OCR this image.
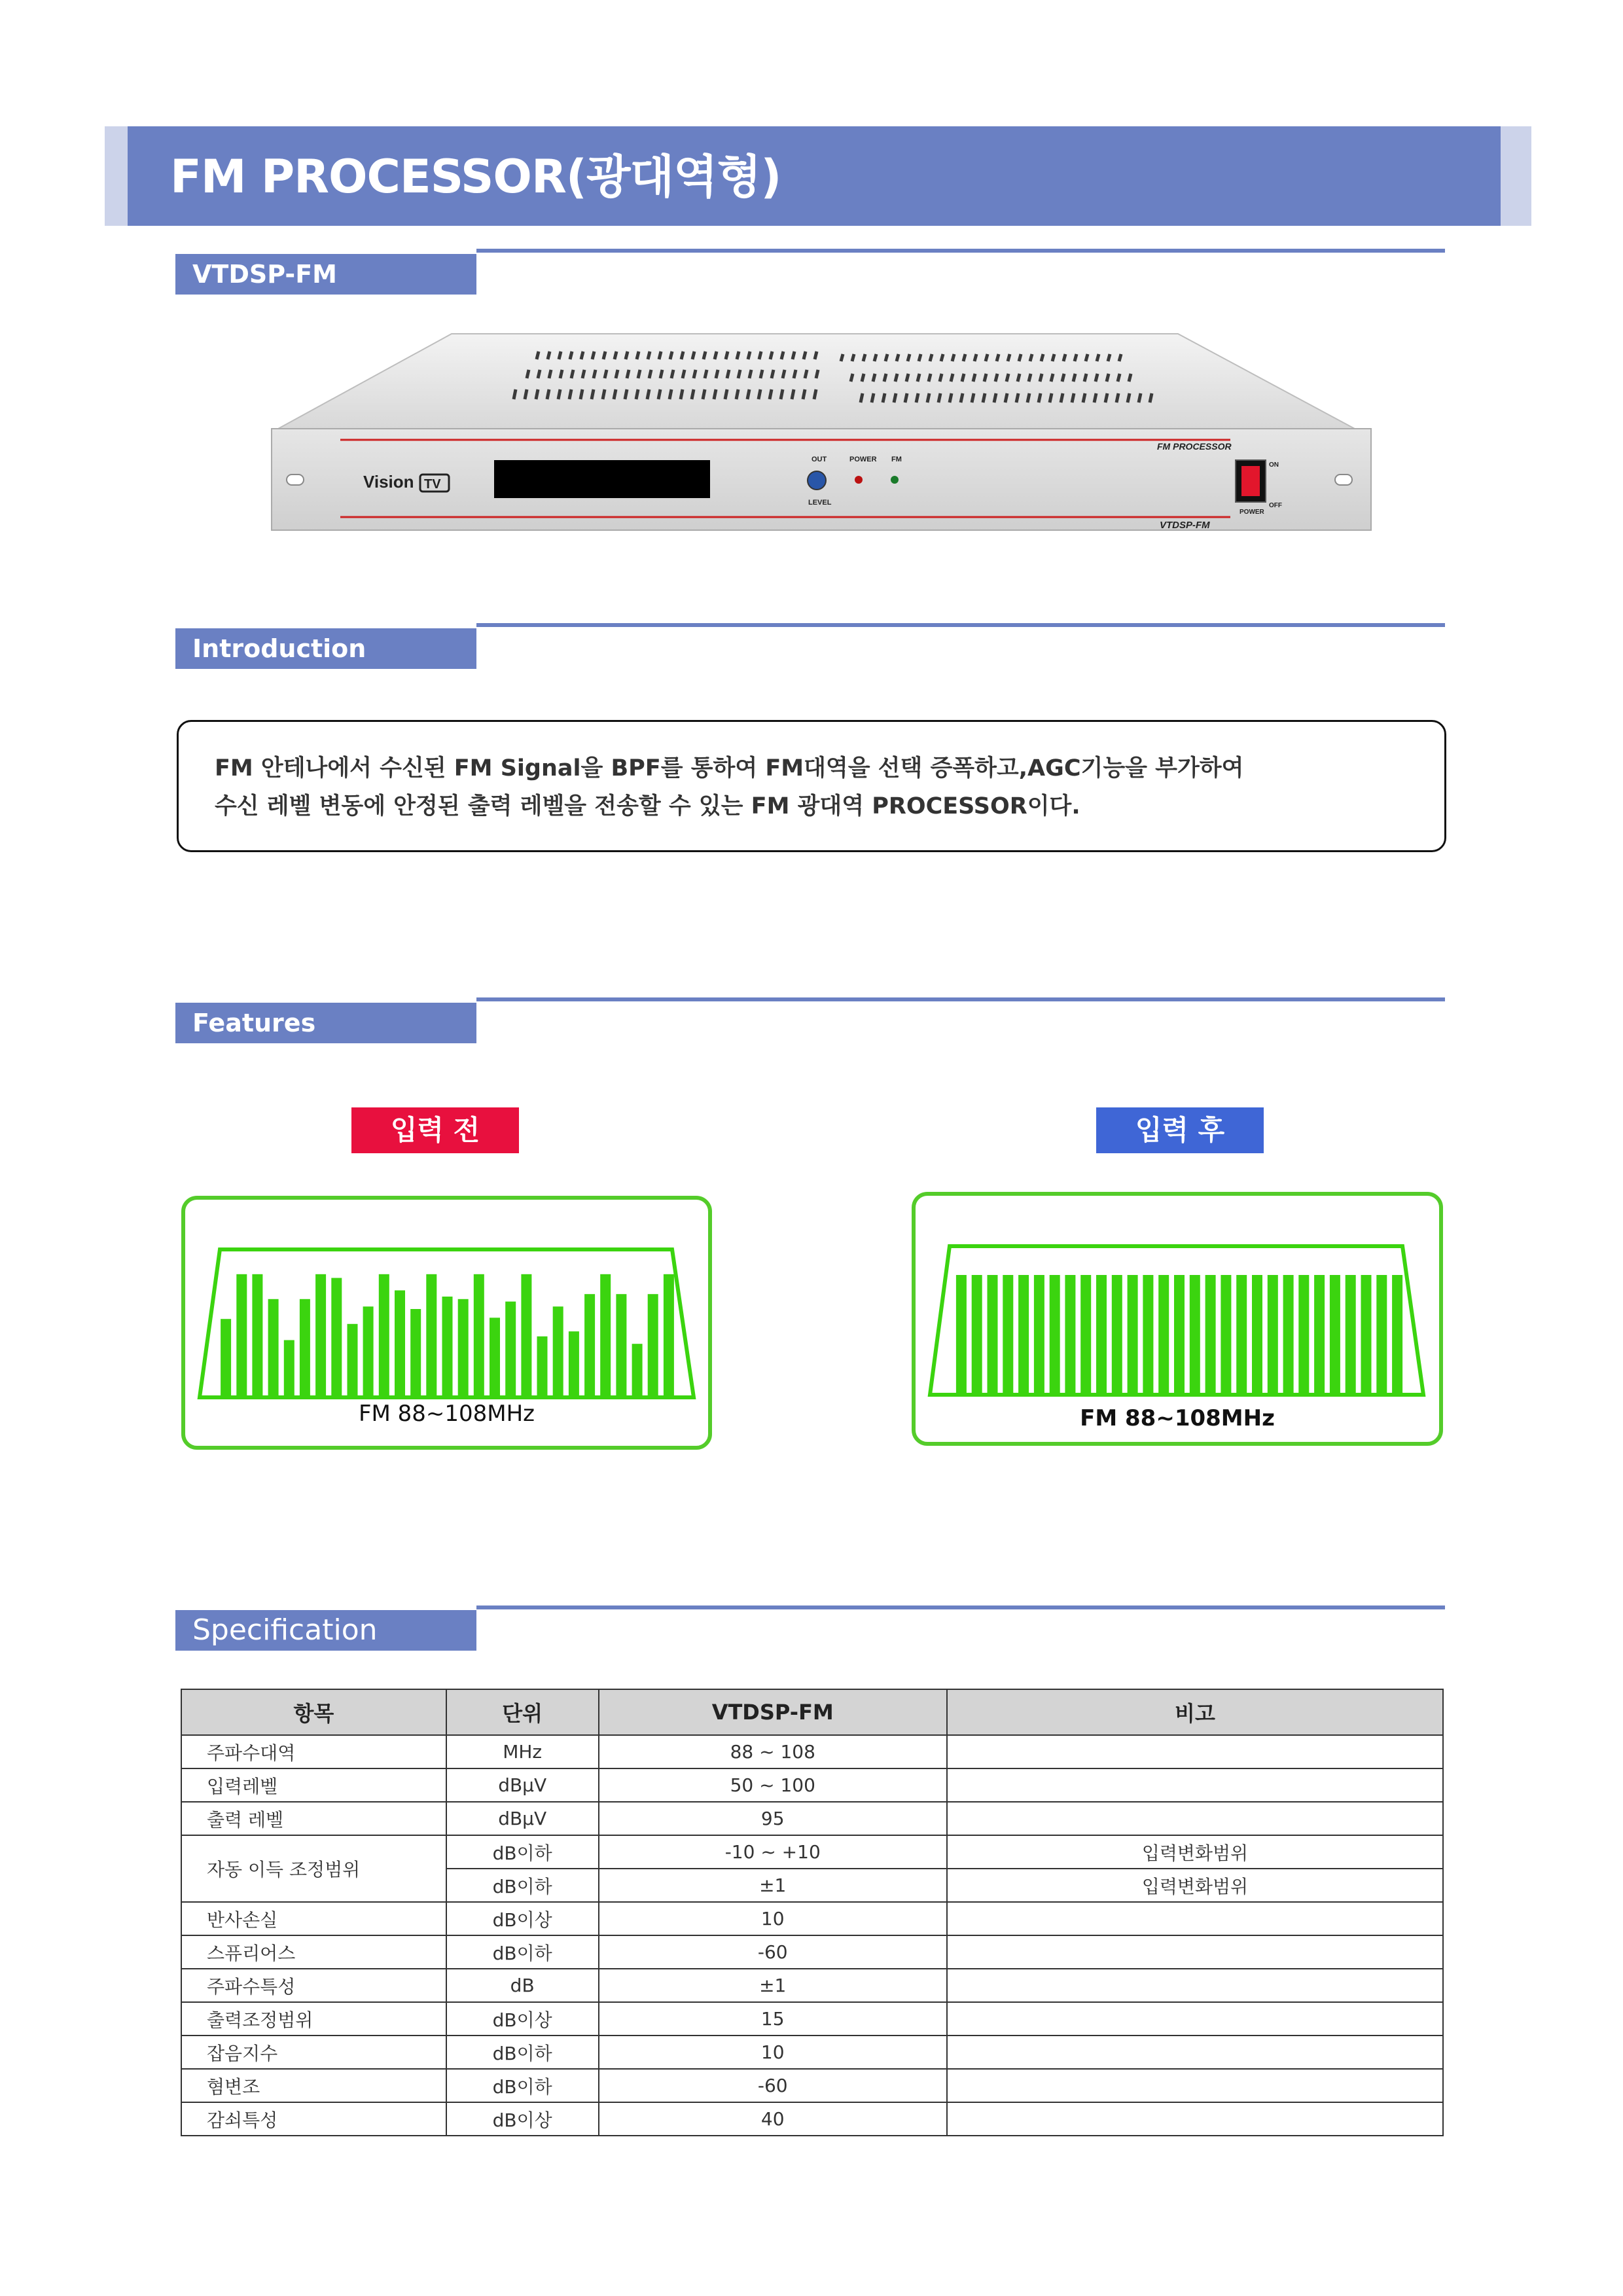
FM PROCESSOR(광대역형)
VTDSP-FM
Vision TV
OUT
LEVEL
POWER FM
FM PROCESSOR
VTDSP-FM
ON
OFF
POWER
Introduction
FM 안테나에서 수신된 FM Signal을 BPF를 통하여 FM대역을 선택 증폭하고,AGC기능을 부가하여
수신 레벨 변동에 안정된 출력 레벨을 전송할 수 있는 FM 광대역 PROCESSOR이다.
Features
입력 전	입력 후
FM 88~108MHz	FM 88~108MHz
Specification
항목	단위	VTDSP-FM	비고
주파수대역	MHz	88 ~ 108	
입력레벨	dBμV	50 ~ 100	
출력 레벨	dBμV	95	
자동 이득 조정범위	dB이하	-10 ~ +10	입력변화범위
	dB이하	±1	입력변화범위
반사손실	dB이상	10	
스퓨리어스	dB이하	-60	
주파수특성	dB	±1	
출력조정범위	dB이상	15	
잡음지수	dB이하	10	
혐변조	dB이하	-60	
감쇠특성	dB이상	40	
